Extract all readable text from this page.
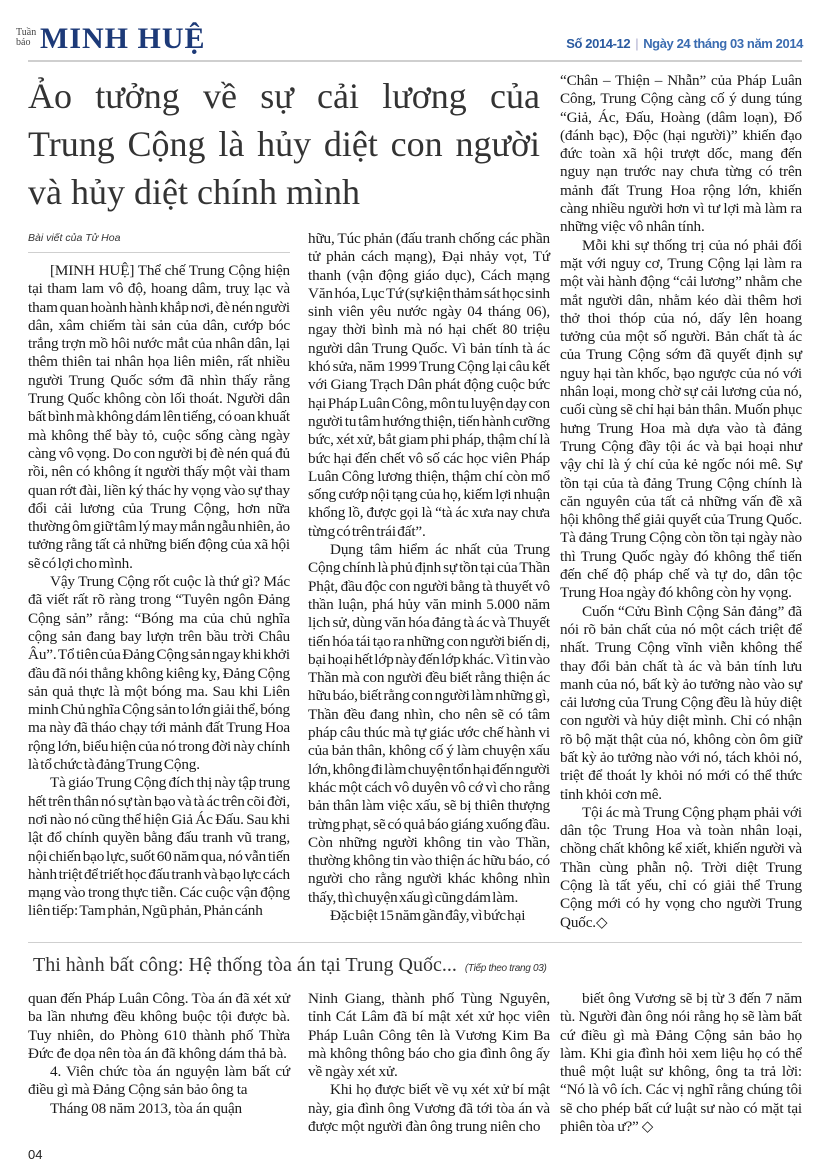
Tuần
báo MINH HUỆ	Số 2014-12 | Ngày 24 tháng 03 năm 2014
Ảo tưởng về sự cải lương của Trung Cộng là hủy diệt con người và hủy diệt chính mình
Bài viết của Tử Hoa

[MINH HUỆ] Thể chế Trung Cộng hiện tại tham lam vô độ, hoang dâm, truỵ lạc và tham quan hoành hành khắp nơi, đè nén người dân, xâm chiếm tài sản của dân, cướp bóc trắng trợn mồ hôi nước mắt của nhân dân, lại thêm thiên tai nhân họa liên miên, rất nhiều người Trung Quốc sớm đã nhìn thấy rằng Trung Quốc không còn lối thoát. Người dân bất bình mà không dám lên tiếng, có oan khuất mà không thể bày tỏ, cuộc sống càng ngày càng vô vọng. Do con người bị đè nén quá đủ rồi, nên có không ít người thấy một vài tham quan rớt đài, liền ký thác hy vọng vào sự thay đổi cải lương của Trung Cộng, hơn nữa thường ôm giữ tâm lý may mắn ngẫu nhiên, ảo tưởng rằng tất cả những biến động của xã hội sẽ có lợi cho mình.

Vậy Trung Cộng rốt cuộc là thứ gì? Mác đã viết rất rõ ràng trong “Tuyên ngôn Đảng Cộng sản” rằng: “Bóng ma của chủ nghĩa cộng sản đang bay lượn trên bầu trời Châu Âu”. Tổ tiên của Đảng Cộng sản ngay khi khởi đầu đã nói thẳng không kiêng kỵ, Đảng Cộng sản quả thực là một bóng ma. Sau khi Liên minh Chủ nghĩa Cộng sản to lớn giải thể, bóng ma này đã tháo chạy tới mảnh đất Trung Hoa rộng lớn, biểu hiện của nó trong đời này chính là tổ chức tà đảng Trung Cộng.

Tà giáo Trung Cộng đích thị này tập trung hết trên thân nó sự tàn bạo và tà ác trên cõi đời, nơi nào nó cũng thể hiện Giả Ác Đấu. Sau khi lật đổ chính quyền bằng đấu tranh vũ trang, nội chiến bạo lực, suốt 60 năm qua, nó vẫn tiến hành triệt để triết học đấu tranh và bạo lực cách mạng vào trong thực tiễn. Các cuộc vận động liên tiếp: Tam phản, Ngũ phản, Phản cánh

hữu, Túc phản (đấu tranh chống các phần tử phản cách mạng), Đại nhảy vọt, Tứ thanh (vận động giáo dục), Cách mạng Văn hóa, Lục Tứ (sự kiện thảm sát học sinh sinh viên yêu nước ngày 04 tháng 06), ngay thời bình mà nó hại chết 80 triệu người dân Trung Quốc. Vì bản tính tà ác khó sửa, năm 1999 Trung Cộng lại câu kết với Giang Trạch Dân phát động cuộc bức hại Pháp Luân Công, môn tu luyện dạy con người tu tâm hướng thiện, tiến hành cưỡng bức, xét xử, bắt giam phi pháp, thậm chí là bức hại đến chết vô số các học viên Pháp Luân Công lương thiện, thậm chí còn mổ sống cướp nội tạng của họ, kiếm lợi nhuận khổng lồ, được gọi là “tà ác xưa nay chưa từng có trên trái đất”.

Dụng tâm hiểm ác nhất của Trung Cộng chính là phủ định sự tồn tại của Thần Phật, đầu độc con người bằng tà thuyết vô thần luận, phá hủy văn minh 5.000 năm lịch sử, dùng văn hóa đảng tà ác và Thuyết tiến hóa tái tạo ra những con người biến dị, bại hoại hết lớp này đến lớp khác. Vì tin vào Thần mà con người đều biết rằng thiện ác hữu báo, biết rằng con người làm những gì, Thần đều đang nhìn, cho nên sẽ có tâm pháp câu thúc mà tự giác ước chế hành vi của bản thân, không cố ý làm chuyện xấu lớn, không đi làm chuyện tổn hại đến người khác một cách vô duyên vô cớ vì cho rằng bản thân làm việc xấu, sẽ bị thiên thượng trừng phạt, sẽ có quả báo giáng xuống đầu. Còn những người không tin vào Thần, thường không tin vào thiện ác hữu báo, có người cho rằng người khác không nhìn thấy, thì chuyện xấu gì cũng dám làm.

Đặc biệt 15 năm gần đây, vì bức hại

“Chân – Thiện – Nhẫn” của Pháp Luân Công, Trung Cộng càng cố ý dung túng “Giả, Ác, Đấu, Hoàng (dâm loạn), Đổ (đánh bạc), Độc (hại người)” khiến đạo đức toàn xã hội trượt dốc, mang đến nguy nạn trước nay chưa từng có trên mảnh đất Trung Hoa rộng lớn, khiến càng nhiều người hơn vì tư lợi mà làm ra những việc vô nhân tính.

Mỗi khi sự thống trị của nó phải đối mặt với nguy cơ, Trung Cộng lại làm ra một vài hành động “cải lương” nhằm che mắt người dân, nhằm kéo dài thêm hơi thở thoi thóp của nó, dấy lên hoang tưởng của một số người. Bản chất tà ác của Trung Cộng sớm đã quyết định sự nguy hại tàn khốc, bạo ngược của nó với nhân loại, mong chờ sự cải lương của nó, cuối cùng sẽ chỉ hại bản thân. Muốn phục hưng Trung Hoa mà dựa vào tà đảng Trung Cộng đầy tội ác và bại hoại như vậy chỉ là ý chí của kẻ ngốc nói mê. Sự tồn tại của tà đảng Trung Cộng chính là căn nguyên của tất cả những vấn đề xã hội không thể giải quyết của Trung Quốc. Tà đảng Trung Cộng còn tồn tại ngày nào thì Trung Quốc ngày đó không thể tiến đến chế độ pháp chế và tự do, dân tộc Trung Hoa ngày đó không còn hy vọng.

Cuốn “Cửu Bình Cộng Sản đảng” đã nói rõ bản chất của nó một cách triệt để nhất. Trung Cộng vĩnh viễn không thể thay đổi bản chất tà ác và bản tính lưu manh của nó, bất kỳ ảo tưởng nào vào sự cải lương của Trung Cộng đều là hủy diệt con người và hủy diệt mình. Chỉ có nhận rõ bộ mặt thật của nó, không còn ôm giữ bất kỳ ảo tưởng nào với nó, tách khỏi nó, triệt để thoát ly khỏi nó mới có thể thức tỉnh khỏi cơn mê.

Tội ác mà Trung Cộng phạm phải với dân tộc Trung Hoa và toàn nhân loại, chồng chất không kể xiết, khiến người và Thần cùng phẫn nộ. Trời diệt Trung Cộng là tất yếu, chỉ có giải thể Trung Cộng mới có hy vọng cho người Trung Quốc.◇

Thi hành bất công: Hệ thống tòa án tại Trung Quốc... (Tiếp theo trang 03)

quan đến Pháp Luân Công. Tòa án đã xét xử ba lần nhưng đều không buộc tội được bà. Tuy nhiên, do Phòng 610 thành phố Thừa Đức đe dọa nên tòa án đã không dám thả bà.

4. Viên chức tòa án nguyện làm bất cứ điều gì mà Đảng Cộng sản bảo ông ta

Tháng 08 năm 2013, tòa án quận

Ninh Giang, thành phố Tùng Nguyên, tỉnh Cát Lâm đã bí mật xét xử học viên Pháp Luân Công tên là Vương Kim Ba mà không thông báo cho gia đình ông ấy về ngày xét xử.

Khi họ được biết về vụ xét xử bí mật này, gia đình ông Vương đã tới tòa án và được một người đàn ông trung niên cho

biết ông Vương sẽ bị từ 3 đến 7 năm tù. Người đàn ông nói rằng họ sẽ làm bất cứ điều gì mà Đảng Cộng sản bảo họ làm. Khi gia đình hỏi xem liệu họ có thể thuê một luật sư không, ông ta trả lời: “Nó là vô ích. Các vị nghĩ rằng chúng tôi sẽ cho phép bất cứ luật sư nào có mặt tại phiên tòa ư?” ◇

04
